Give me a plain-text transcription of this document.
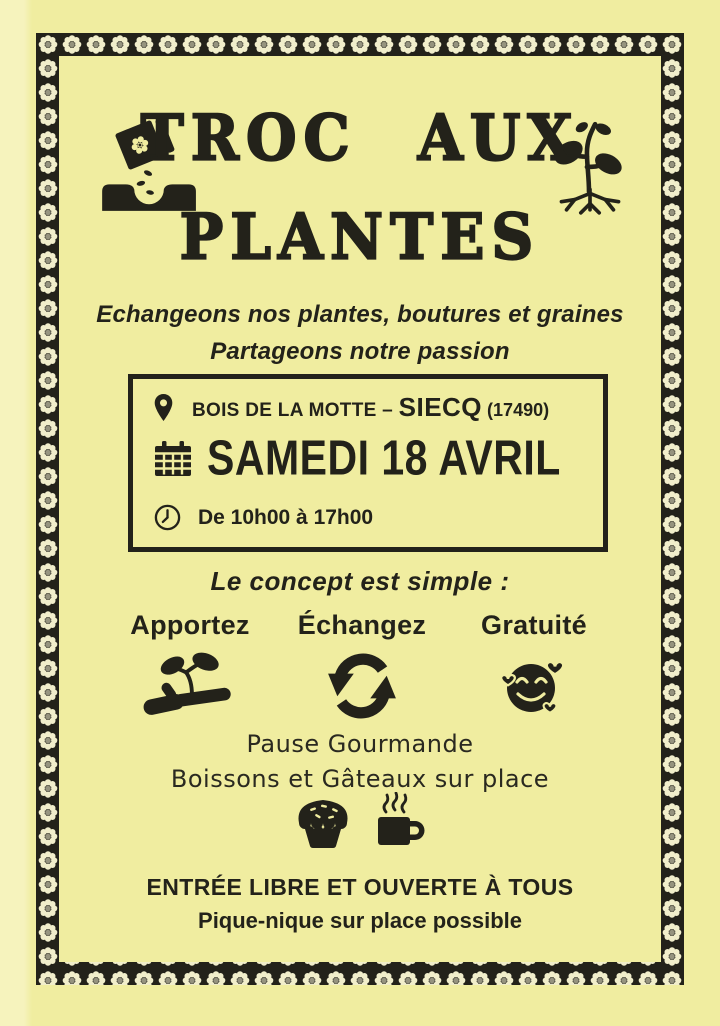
TROC AUX
PLANTES
Echangeons nos plantes, boutures et graines
Partageons notre passion
BOIS DE LA MOTTE – SIECQ (17490)
SAMEDI 18 AVRIL
De 10h00 à 17h00
Le concept est simple :
Apportez Échangez Gratuité
Pause Gourmande
Boissons et Gâteaux sur place
ENTRÉE LIBRE ET OUVERTE À TOUS
Pique-nique sur place possible
